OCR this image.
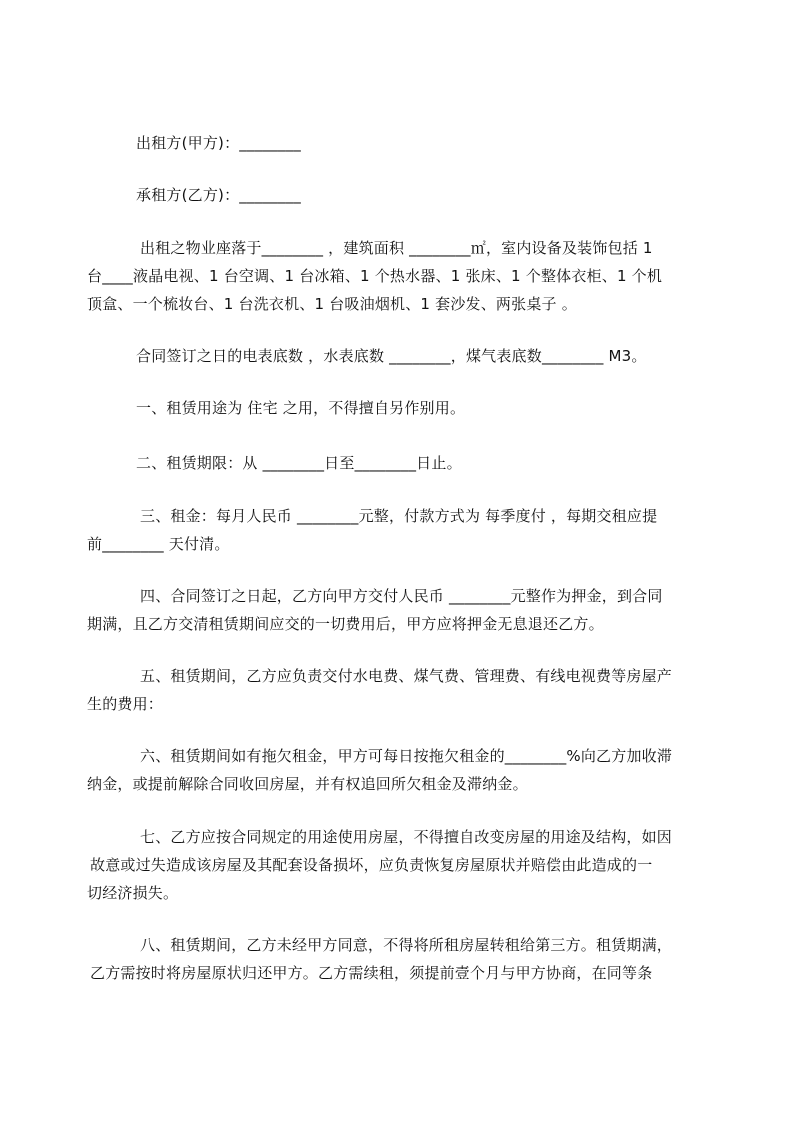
出租方(甲方)：________
承租方(乙方)：________
出租之物业座落于________ ，建筑面积 ________㎡，室内设备及装饰包括 1
台____液晶电视、1 台空调、1 台冰箱、1 个热水器、1 张床、1 个整体衣柜、1 个机
顶盒、一个梳妆台、1 台洗衣机、1 台吸油烟机、1 套沙发、两张桌子 。
合同签订之日的电表底数 ，水表底数 ________，煤气表底数________ M3。
一、租赁用途为 住宅 之用，不得擅自另作别用。
二、租赁期限：从 ________日至________日止。
三、租金：每月人民币 ________元整，付款方式为 每季度付 ，每期交租应提
前________ 天付清。
四、合同签订之日起，乙方向甲方交付人民币 ________元整作为押金，到合同
期满，且乙方交清租赁期间应交的一切费用后，甲方应将押金无息退还乙方。
五、租赁期间，乙方应负责交付水电费、煤气费、管理费、有线电视费等房屋产
生的费用：
六、租赁期间如有拖欠租金，甲方可每日按拖欠租金的________%向乙方加收滞
纳金，或提前解除合同收回房屋，并有权追回所欠租金及滞纳金。
七、乙方应按合同规定的用途使用房屋，不得擅自改变房屋的用途及结构，如因
故意或过失造成该房屋及其配套设备损坏，应负责恢复房屋原状并赔偿由此造成的一
切经济损失。
八、租赁期间，乙方未经甲方同意，不得将所租房屋转租给第三方。租赁期满，
乙方需按时将房屋原状归还甲方。乙方需续租，须提前壹个月与甲方协商，在同等条
